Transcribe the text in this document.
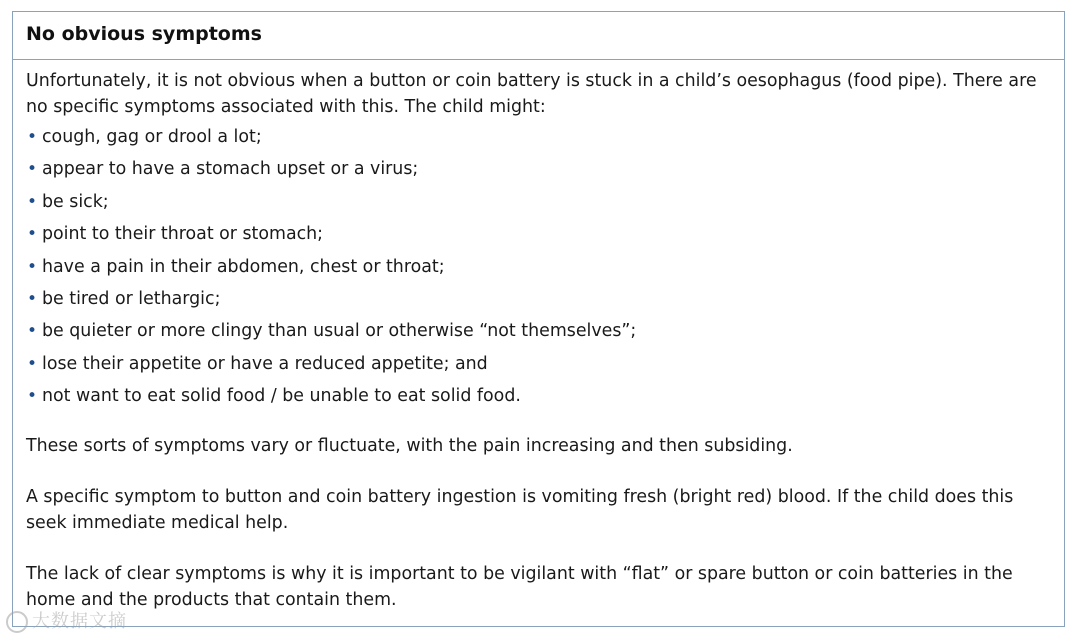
No obvious symptoms

Unfortunately, it is not obvious when a button or coin battery is stuck in a child’s oesophagus (food pipe). There are no specific symptoms associated with this. The child might:

• cough, gag or drool a lot;
• appear to have a stomach upset or a virus;
• be sick;
• point to their throat or stomach;
• have a pain in their abdomen, chest or throat;
• be tired or lethargic;
• be quieter or more clingy than usual or otherwise “not themselves”;
• lose their appetite or have a reduced appetite; and
• not want to eat solid food / be unable to eat solid food.

These sorts of symptoms vary or fluctuate, with the pain increasing and then subsiding.

A specific symptom to button and coin battery ingestion is vomiting fresh (bright red) blood. If the child does this seek immediate medical help.

The lack of clear symptoms is why it is important to be vigilant with “flat” or spare button or coin batteries in the home and the products that contain them.

大数据文摘
